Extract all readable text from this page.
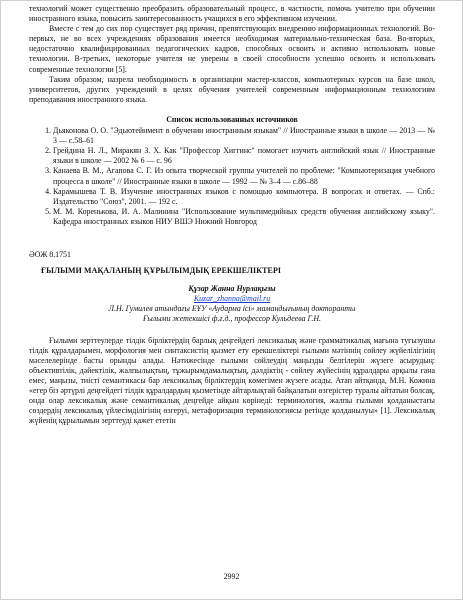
технологий может существенно преобразить образовательный процесс, в частности, помочь учителю при обучении иностранного языка, повысить заинтересованность учащихся в его эффективном изучении.

Вместе с тем до сих пор существует ряд причин, препятствующих внедрению информационных технологий. Во-первых, не во всех учреждениях образования имеется необходимая материально-техническая база. Во-вторых, недостаточно квалифицированных педагогических кадров, способных освоить и активно использовать новые технологии. В-третьих, некоторые учителя не уверены в своей способности успешно освоить и использовать современные технологии [5].

Таким образом, назрела необходимость в организации мастер-классов, компьютерных курсов на базе школ, университетов, других учреждений в целях обучения учителей современным информационным технологиям преподавания иностранного языка.

Список использованных источников

1. Дьяконова О. О. "Эдьютейнмент в обучении иностранным языкам" // Иностранные языки в школе — 2013 — № 3 — с.58–61
2. Грейдина Н. Л., Миракян З. Х. Как "Профессор Хиггинс" помогает изучить английский язык // Иностранные языки в школе — 2002 № 6 — с. 96
3. Канаева В. М., Агапова С. Г. Из опыта творческой группы учителей по проблеме: "Компьютеризация учебного процесса в школе" // Иностранные языки в школе — 1992 — № 3–4 — с.86–88
4. Карамышева Т. В. Изучение иностранных языков с помощью компьютера. В вопросах и ответах. — Спб.: Издательство "Союз", 2001. — 192 с.
5. М. М. Коренькова, И. А. Малинина "Использование мультимедийных средств обучения английскому языку". Кафедра иностранных языков НИУ ВШЭ Нижний Новгород

ӘОЖ 8.1751

ҒЫЛЫМИ МАҚАЛАНЫҢ ҚҰРЫЛЫМДЫҚ ЕРЕКШЕЛІКТЕРІ

Құзар Жанна Нурлақызы

Kuzar_zhanna@mail.ru

Л.Н. Гумилев атындағы ЕҰУ «Аударма ісі» мамандығының докторанты

Ғылыми жетекшісі ф.ғ.д., профессор Кульдеева Г.Н.

Ғылыми зерттеулерде тілдік бірліктердің барлық деңгейдегі лексикалық және грамматикалық мағына туғызушы тілдік құралдарымен, морфология мен синтаксистің қызмет ету ерекшеліктері ғылыми мәтіннің сөйлеу жүйелілігінің мәселелерінде басты орынды алады. Нәтижесінде ғылыми сөйлеудің маңызды белгілерін жүзеге асырудың: объективтілік, дәйектілік, жалпылықтың, тұжырымдамалықтың, дәлдіктің - сөйлеу жүйесінің құралдары арқылы ғана емес, маңызы, тиісті семантикасы бар лексикалық бірліктердің көмегімен жүзеге асады. Атап айтқанда, М.Н. Кожина «егер біз әртүрлі деңгейдегі тілдік құралдардың қызметінде айтарлықтай байқалатын өзгерістер туралы айтатын болсақ, онда олар лексикалық және семантикалық деңгейде айқын көрінеді: терминология, жалпы ғылыми қолданыстағы сөздердің лексикалық үйлесімділігінің өзгеруі, метафоризация терминологиясы ретінде қолданылуы» [1]. Лексикалық жүйенің құрылымын зерттеуді қажет ететін

2992
